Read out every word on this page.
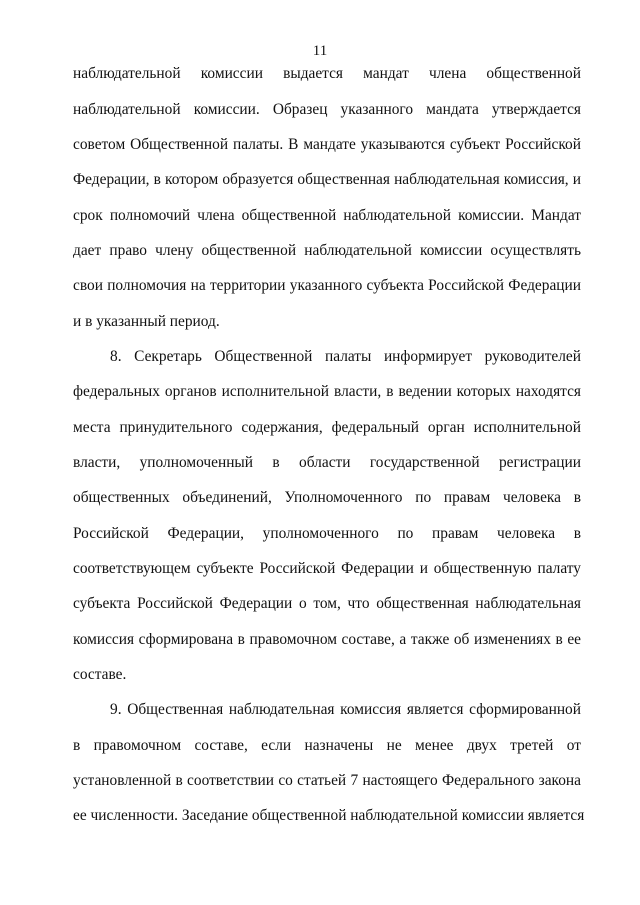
11
наблюдательной комиссии выдается мандат члена общественной
наблюдательной комиссии. Образец указанного мандата утверждается
советом Общественной палаты. В мандате указываются субъект Российской
Федерации, в котором образуется общественная наблюдательная комиссия, и
срок полномочий члена общественной наблюдательной комиссии. Мандат
дает право члену общественной наблюдательной комиссии осуществлять
свои полномочия на территории указанного субъекта Российской Федерации
и в указанный период.
8. Секретарь Общественной палаты информирует руководителей
федеральных органов исполнительной власти, в ведении которых находятся
места принудительного содержания, федеральный орган исполнительной
власти, уполномоченный в области государственной регистрации
общественных объединений, Уполномоченного по правам человека в
Российской Федерации, уполномоченного по правам человека в
соответствующем субъекте Российской Федерации и общественную палату
субъекта Российской Федерации о том, что общественная наблюдательная
комиссия сформирована в правомочном составе, а также об изменениях в ее
составе.
9. Общественная наблюдательная комиссия является сформированной
в правомочном составе, если назначены не менее двух третей от
установленной в соответствии со статьей 7 настоящего Федерального закона
ее численности. Заседание общественной наблюдательной комиссии является
